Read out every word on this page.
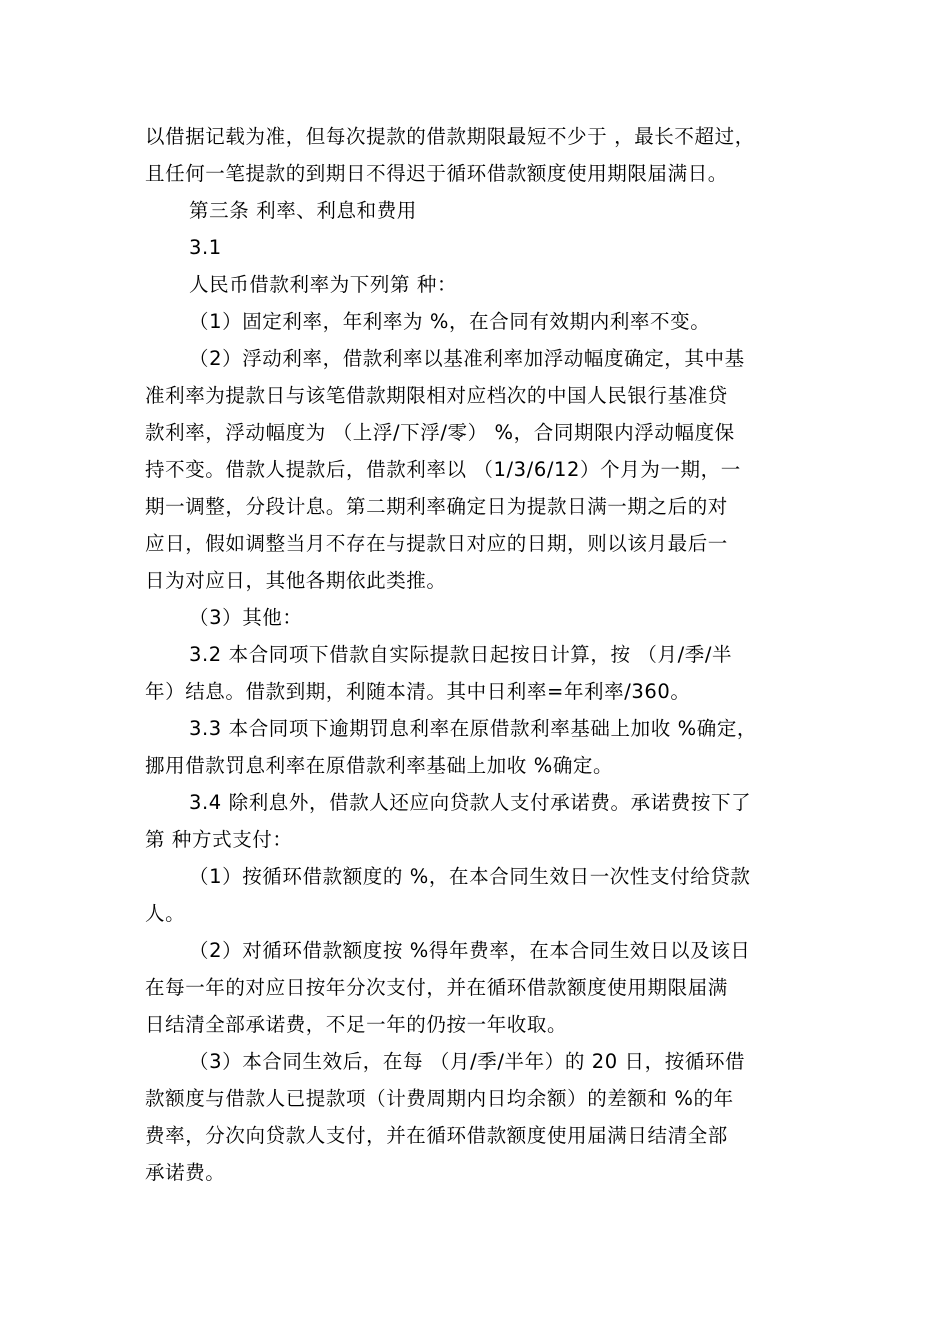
以借据记载为准，但每次提款的借款期限最短不少于 ，最长不超过，
且任何一笔提款的到期日不得迟于循环借款额度使用期限届满日。
第三条 利率、利息和费用
3.1
人民币借款利率为下列第 种：
（1）固定利率，年利率为 %，在合同有效期内利率不变。
（2）浮动利率，借款利率以基准利率加浮动幅度确定，其中基
准利率为提款日与该笔借款期限相对应档次的中国人民银行基准贷
款利率，浮动幅度为 （上浮/下浮/零） %，合同期限内浮动幅度保
持不变。借款人提款后，借款利率以 （1/3/6/12）个月为一期，一
期一调整，分段计息。第二期利率确定日为提款日满一期之后的对
应日，假如调整当月不存在与提款日对应的日期，则以该月最后一
日为对应日，其他各期依此类推。
（3）其他：
3.2 本合同项下借款自实际提款日起按日计算，按 （月/季/半
年）结息。借款到期，利随本清。其中日利率=年利率/360。
3.3 本合同项下逾期罚息利率在原借款利率基础上加收 %确定，
挪用借款罚息利率在原借款利率基础上加收 %确定。
3.4 除利息外，借款人还应向贷款人支付承诺费。承诺费按下了
第 种方式支付：
（1）按循环借款额度的 %，在本合同生效日一次性支付给贷款
人。
（2）对循环借款额度按 %得年费率，在本合同生效日以及该日
在每一年的对应日按年分次支付，并在循环借款额度使用期限届满
日结清全部承诺费，不足一年的仍按一年收取。
（3）本合同生效后，在每 （月/季/半年）的 20 日，按循环借
款额度与借款人已提款项（计费周期内日均余额）的差额和 %的年
费率，分次向贷款人支付，并在循环借款额度使用届满日结清全部
承诺费。
